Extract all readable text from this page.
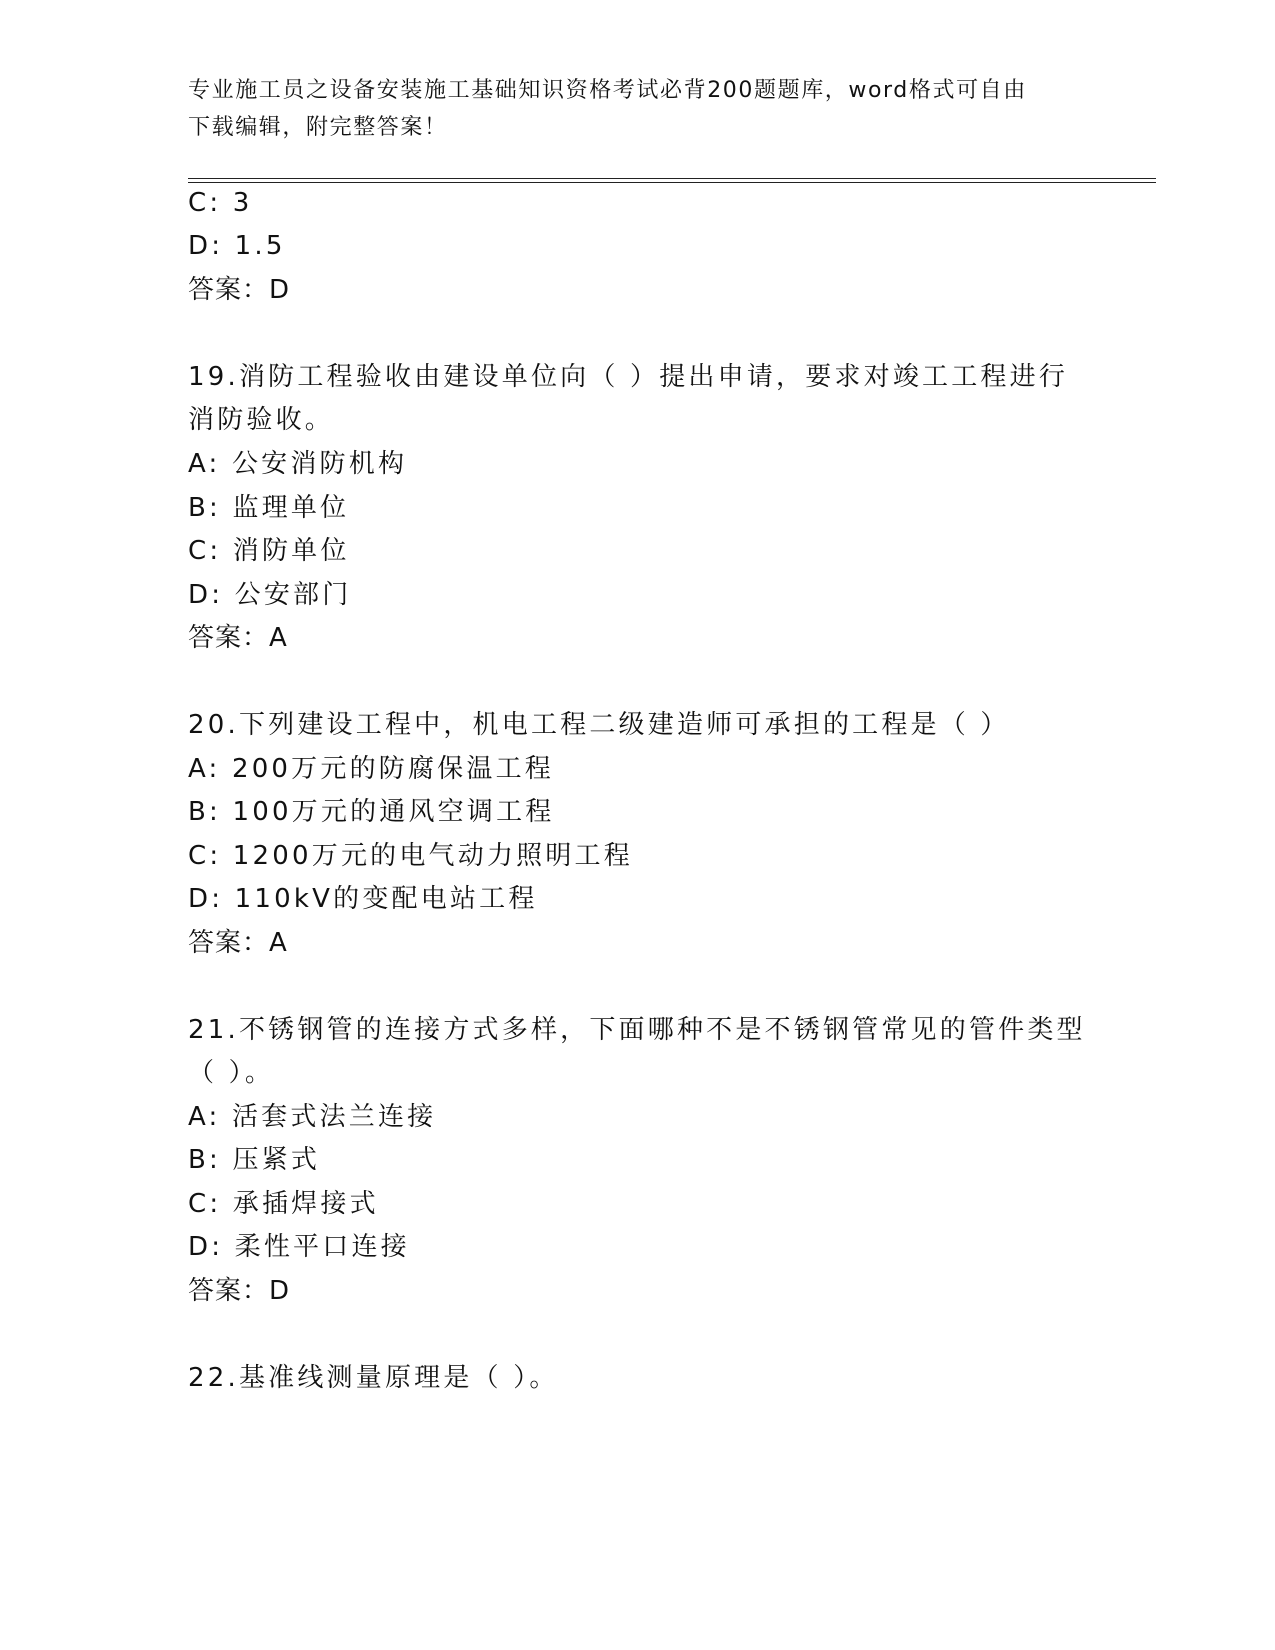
专业施工员之设备安装施工基础知识资格考试必背200题题库，word格式可自由
下载编辑，附完整答案！
C: 3
D: 1.5
答案：D
19.消防工程验收由建设单位向（ ）提出申请，要求对竣工工程进行
消防验收。
A: 公安消防机构
B: 监理单位
C: 消防单位
D: 公安部门
答案：A
20.下列建设工程中，机电工程二级建造师可承担的工程是（ ）
A: 200万元的防腐保温工程
B: 100万元的通风空调工程
C: 1200万元的电气动力照明工程
D: 110kV的变配电站工程
答案：A
21.不锈钢管的连接方式多样，下面哪种不是不锈钢管常见的管件类型
（ ）。
A: 活套式法兰连接
B: 压紧式
C: 承插焊接式
D: 柔性平口连接
答案：D
22.基准线测量原理是（ ）。
